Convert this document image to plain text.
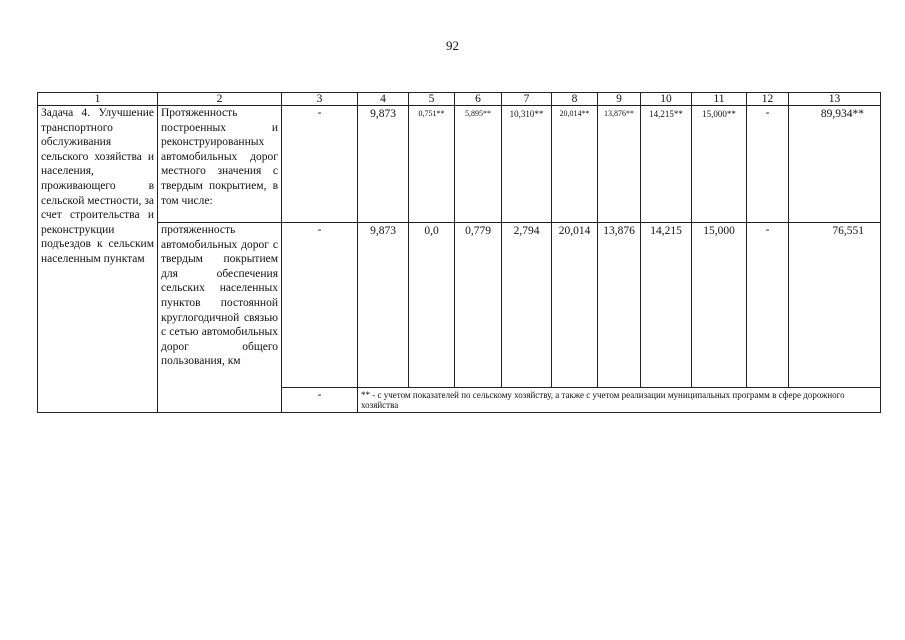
92
1	2	3	4	5	6	7	8	9	10	11	12	13
Задача 4. Улучшение транспортного обслуживания сельского хозяйства и населения, проживающего в сельской местности, за счет строительства и реконструкции подъездов к сельским населенным пунктам	Протяженность построенных и реконструированных автомобильных дорог местного значения с твердым покрытием, в том числе:	-	9,873	0,751**	5,895**	10,310**	20,014**	13,876**	14,215**	15,000**	-	89,934**
	протяженность автомобильных дорог с твердым покрытием для обеспечения сельских населенных пунктов постоянной круглогодичной связью с сетью автомобильных дорог общего пользования, км	-	9,873	0,0	0,779	2,794	20,014	13,876	14,215	15,000	-	76,551
		-	** - с учетом показателей по сельскому хозяйству, а также с учетом реализации муниципальных программ в сфере дорожного хозяйства									
